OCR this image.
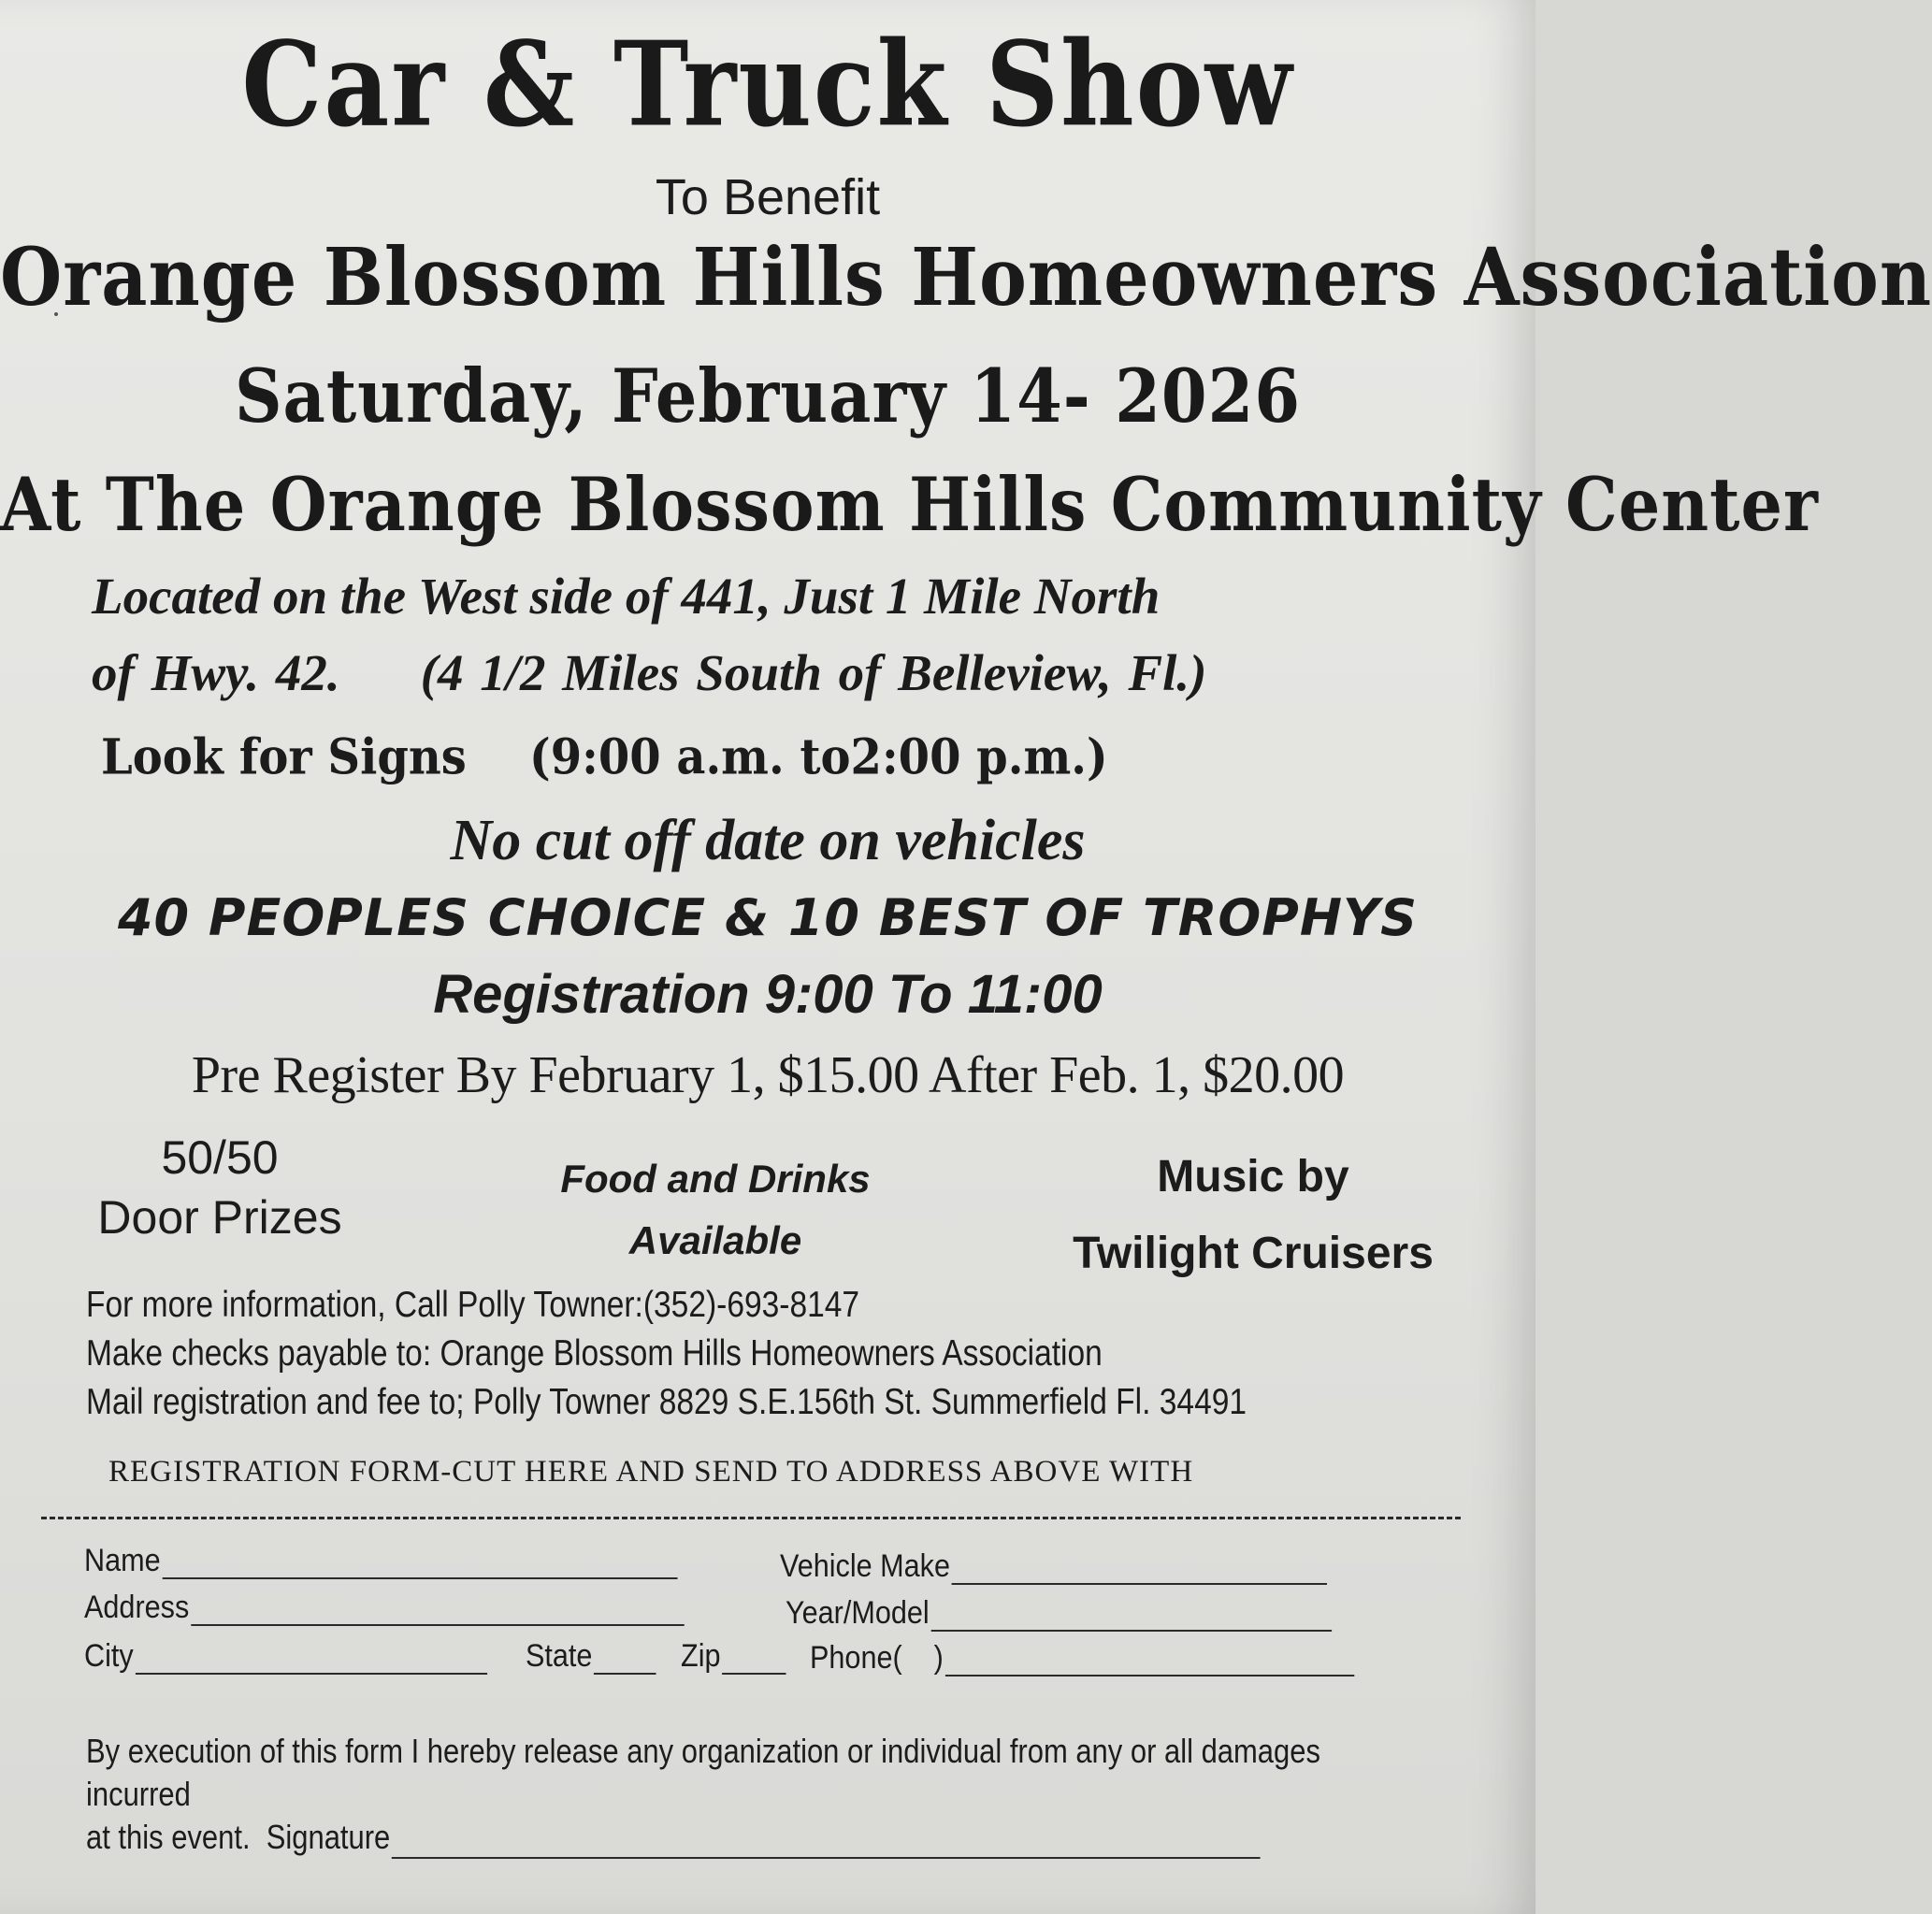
Car & Truck Show
To Benefit
Orange Blossom Hills Homeowners Association
Saturday, February 14- 2026
At The Orange Blossom Hills Community Center
Located on the West side of 441, Just 1 Mile North
of Hwy. 42. (4 1/2 Miles South of Belleview, Fl.)
Look for Signs (9:00 a.m. to2:00 p.m.)
No cut off date on vehicles
40 PEOPLES CHOICE & 10 BEST OF TROPHYS
Registration 9:00 To 11:00
Pre Register By February 1, $15.00 After Feb. 1, $20.00
50/50
Door Prizes
Food and Drinks
Available
Music by
Twilight Cruisers
For more information, Call Polly Towner:(352)-693-8147
Make checks payable to: Orange Blossom Hills Homeowners Association
Mail registration and fee to; Polly Towner 8829 S.E.156th St. Summerfield Fl. 34491
REGISTRATION FORM-CUT HERE AND SEND TO ADDRESS ABOVE WITH
Name
Address
City	State	Zip
Vehicle Make
Year/Model
Phone(    )
By execution of this form I hereby release any organization or individual from any or all damages incurred
at this event.  Signature
